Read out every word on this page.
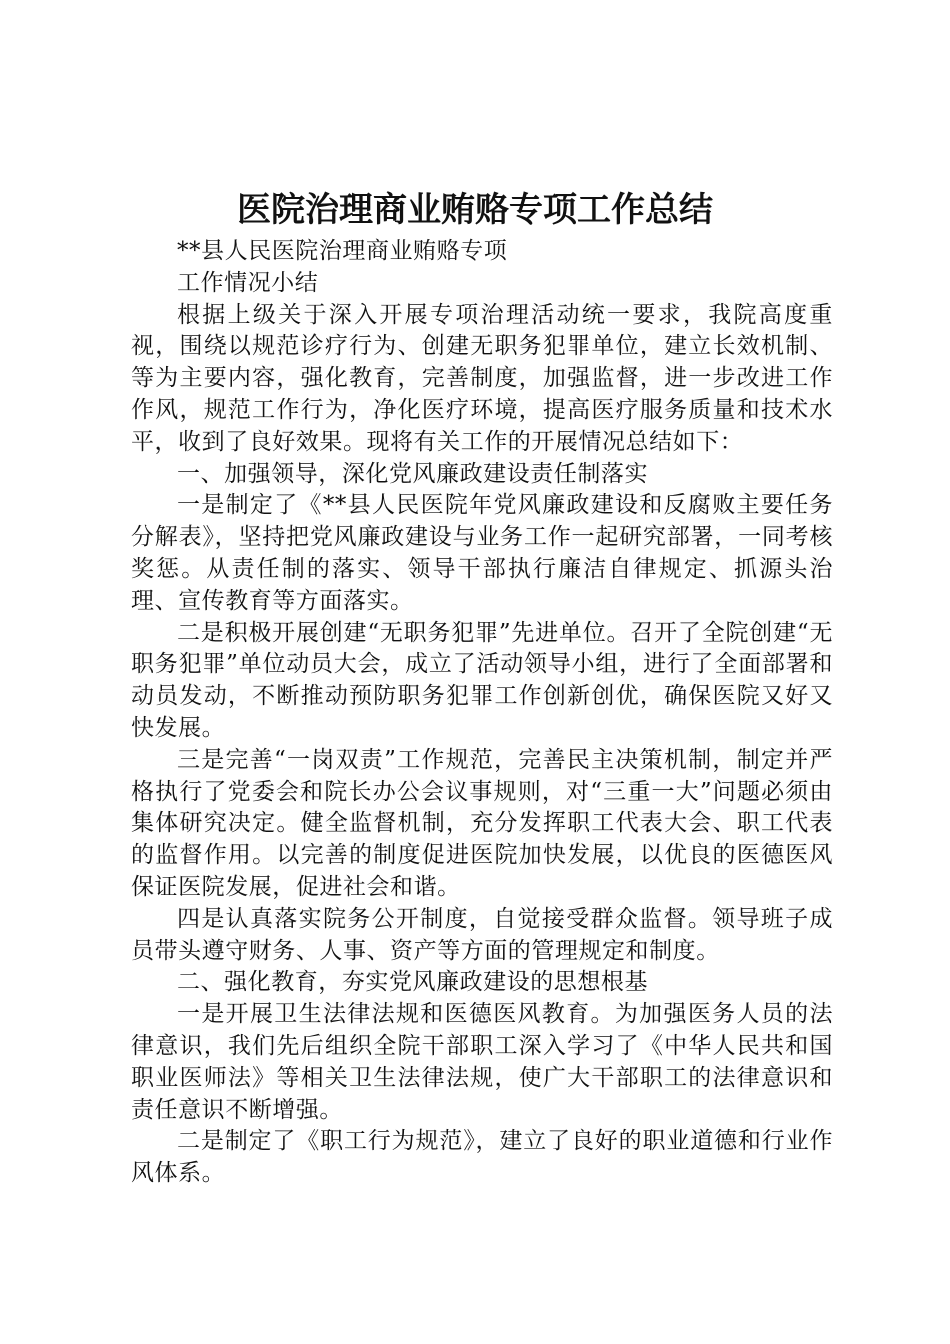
医院治理商业贿赂专项工作总结

**县人民医院治理商业贿赂专项

工作情况小结

根据上级关于深入开展专项治理活动统一要求，我院高度重视，围绕以规范诊疗行为、创建无职务犯罪单位，建立长效机制、等为主要内容，强化教育，完善制度，加强监督，进一步改进工作作风，规范工作行为，净化医疗环境，提高医疗服务质量和技术水平，收到了良好效果。现将有关工作的开展情况总结如下：

一、加强领导，深化党风廉政建设责任制落实

一是制定了《**县人民医院年党风廉政建设和反腐败主要任务分解表》，坚持把党风廉政建设与业务工作一起研究部署，一同考核奖惩。从责任制的落实、领导干部执行廉洁自律规定、抓源头治理、宣传教育等方面落实。

二是积极开展创建“无职务犯罪”先进单位。召开了全院创建“无职务犯罪”单位动员大会，成立了活动领导小组，进行了全面部署和动员发动，不断推动预防职务犯罪工作创新创优，确保医院又好又快发展。

三是完善“一岗双责”工作规范，完善民主决策机制，制定并严格执行了党委会和院长办公会议事规则，对“三重一大”问题必须由集体研究决定。健全监督机制，充分发挥职工代表大会、职工代表的监督作用。以完善的制度促进医院加快发展，以优良的医德医风保证医院发展，促进社会和谐。

四是认真落实院务公开制度，自觉接受群众监督。领导班子成员带头遵守财务、人事、资产等方面的管理规定和制度。

二、强化教育，夯实党风廉政建设的思想根基

一是开展卫生法律法规和医德医风教育。为加强医务人员的法律意识，我们先后组织全院干部职工深入学习了《中华人民共和国职业医师法》等相关卫生法律法规，使广大干部职工的法律意识和责任意识不断增强。

二是制定了《职工行为规范》，建立了良好的职业道德和行业作风体系。
